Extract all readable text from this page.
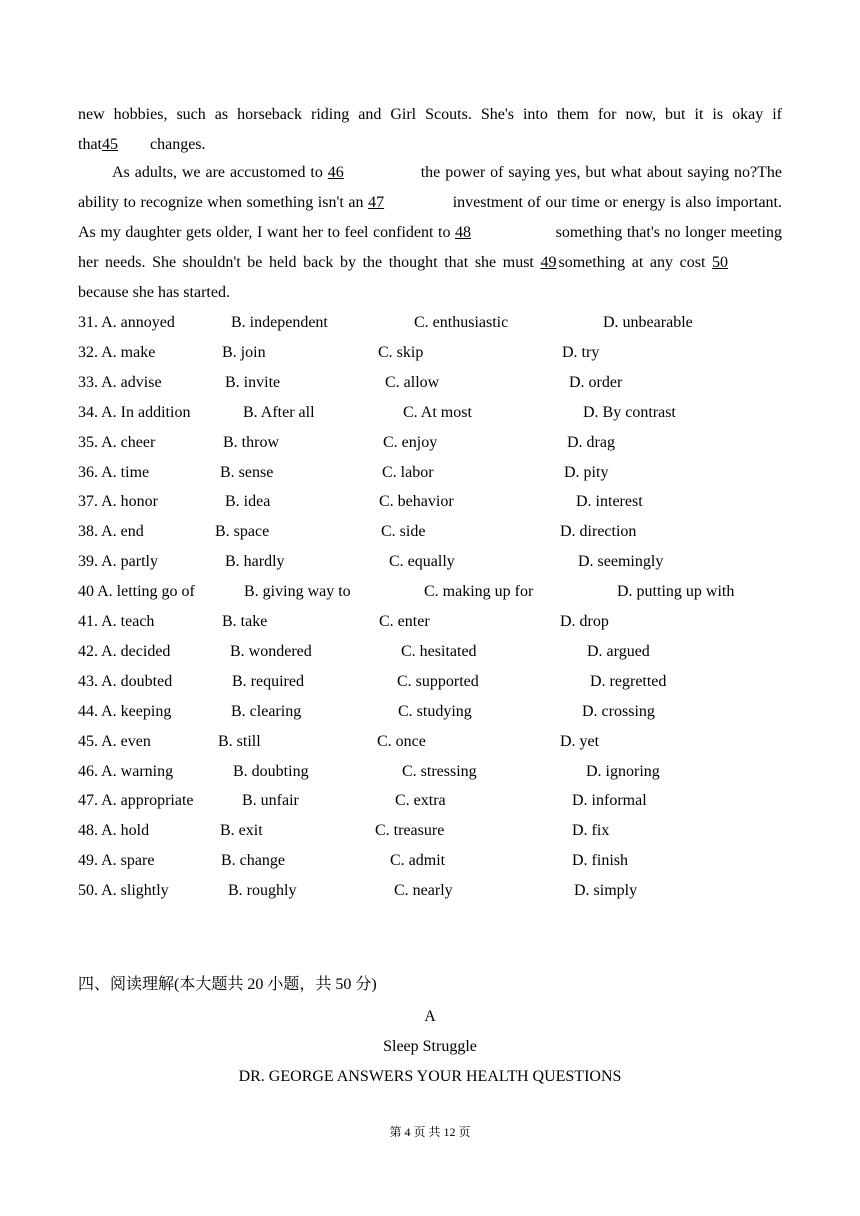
new hobbies, such as horseback riding and Girl Scouts. She's into them for now, but it is okay if
that45 changes.
As adults, we are accustomed to 46	the power of saying yes, but what about saying no?The ability to recognize when something isn't an 47	investment of our time or energy is also important. As my daughter gets older, I want her to feel confident to 48	something that's no longer meeting her needs. She shouldn't be held back by the thought that she must 49 something at any cost 50 because she has started.
31. A. annoyed	B. independent	C. enthusiastic	D. unbearable
32. A. make	B. join	C. skip	D. try
33. A. advise	B. invite	C. allow	D. order
34. A. In addition	B. After all	C. At most	D. By contrast
35. A. cheer	B. throw	C. enjoy	D. drag
36. A. time	B. sense	C. labor	D. pity
37. A. honor	B. idea	C. behavior	D. interest
38. A. end	B. space	C. side	D. direction
39. A. partly	B. hardly	C. equally	D. seemingly
40 A. letting go of	B. giving way to	C. making up for	D. putting up with
41. A. teach	B. take	C. enter	D. drop
42. A. decided	B. wondered	C. hesitated	D. argued
43. A. doubted	B. required	C. supported	D. regretted
44. A. keeping	B. clearing	C. studying	D. crossing
45. A. even	B. still	C. once	D. yet
46. A. warning	B. doubting	C. stressing	D. ignoring
47. A. appropriate	B. unfair	C. extra	D. informal
48. A. hold	B. exit	C. treasure	D. fix
49. A. spare	B. change	C. admit	D. finish
50. A. slightly	B. roughly	C. nearly	D. simply
四、阅读理解(本大题共 20 小题，共 50 分)
A
Sleep Struggle
DR. GEORGE ANSWERS YOUR HEALTH QUESTIONS
第 4 页 共 12 页
